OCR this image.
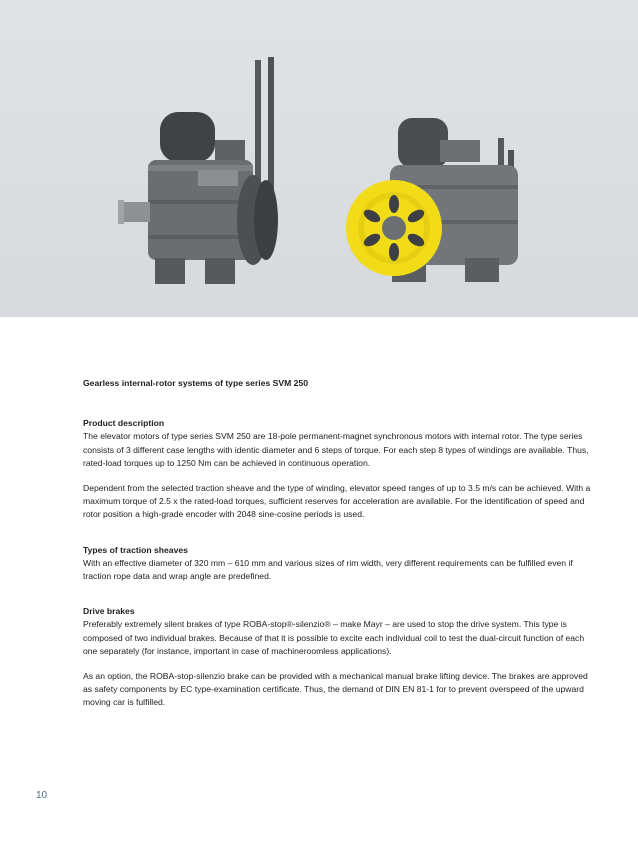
Gearless internal-rotor systems of type series SVM 250

Product description

The elevator motors of type series SVM 250 are 18-pole permanent-magnet synchronous motors with internal rotor. The type series consists of 3 different case lengths with identic diameter and 6 steps of torque. For each step 8 types of windings are available. Thus, rated-load torques up to 1250 Nm can be achieved in continuous operation.

Dependent from the selected traction sheave and the type of winding, elevator speed ranges of up to 3.5 m/s can be achieved. With a maximum torque of 2.5 x the rated-load torques, sufficient reserves for acceleration are available. For the identification of speed and rotor position a high-grade encoder with 2048 sine-cosine periods is used.

Types of traction sheaves

With an effective diameter of 320 mm – 610 mm and various sizes of rim width, very different requirements can be fulfilled even if traction rope data and wrap angle are predefined.

Drive brakes

Preferably extremely silent brakes of type ROBA-stop®-silenzio® – make Mayr – are used to stop the drive system. This type is composed of two individual brakes. Because of that it is possible to excite each individual coil to test the dual-circuit function of each one separately (for instance, important in case of machineroomless applications).

As an option, the ROBA-stop-silenzio brake can be provided with a mechanical manual brake lifting device. The brakes are approved as safety components by EC type-examination certificate. Thus, the demand of DIN EN 81-1 for to prevent overspeed of the upward moving car is fulfilled.

10
